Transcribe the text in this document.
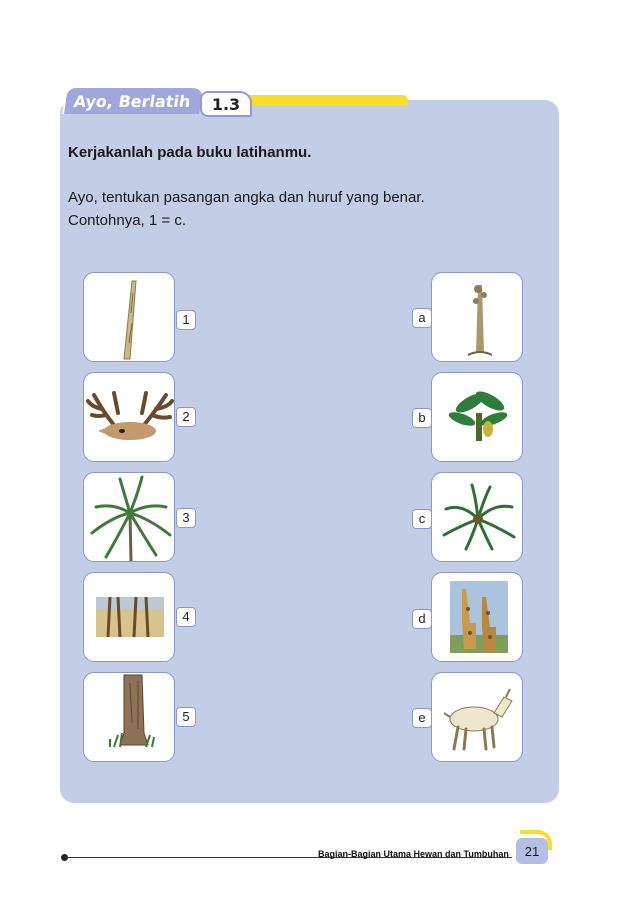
Ayo, Berlatih	1.3
Kerjakanlah pada buku latihanmu.
Ayo, tentukan pasangan angka dan huruf yang benar.
Contohnya, 1 = c.
1
2
3
4
5
a
b
c
d
e
Bagian-Bagian Utama Hewan dan Tumbuhan	21
